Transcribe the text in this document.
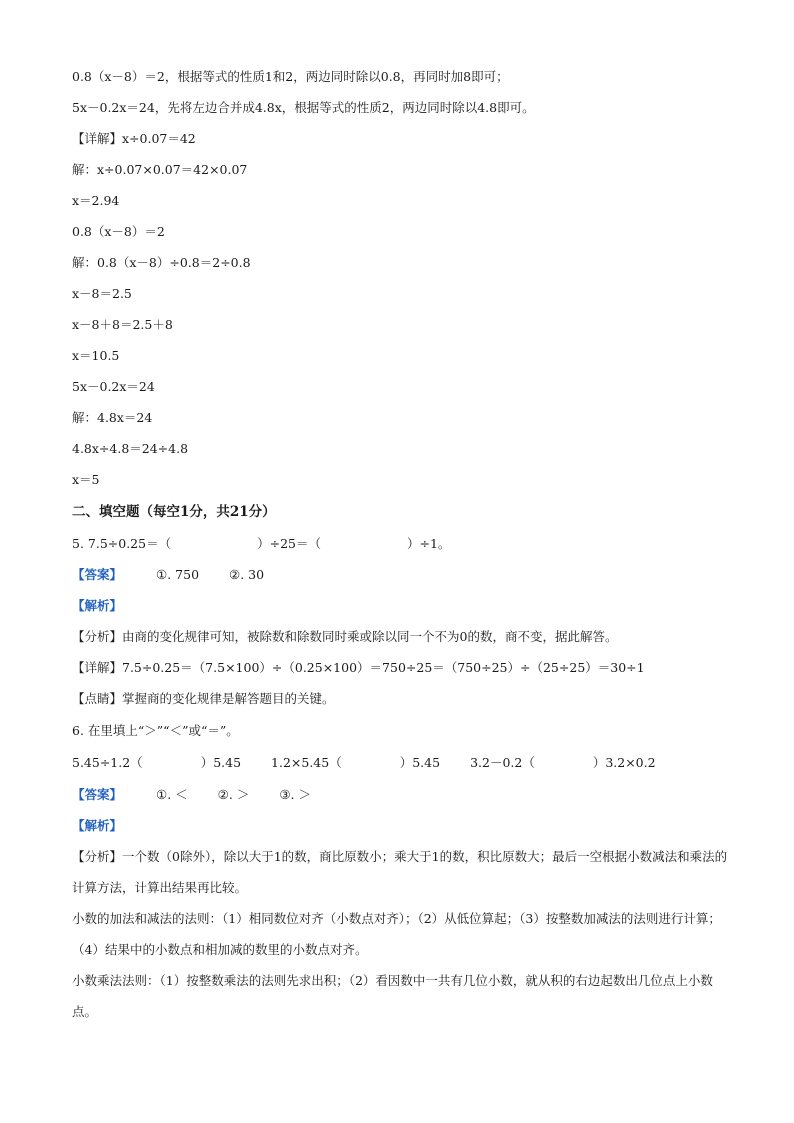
0.8（x－8）＝2，根据等式的性质1和2，两边同时除以0.8，再同时加8即可；
5x－0.2x＝24，先将左边合并成4.8x，根据等式的性质2，两边同时除以4.8即可。
【详解】x÷0.07＝42
解：x÷0.07×0.07＝42×0.07
x＝2.94
0.8（x－8）＝2
解：0.8（x－8）÷0.8＝2÷0.8
x－8＝2.5
x－8＋8＝2.5＋8
x＝10.5
5x－0.2x＝24
解：4.8x＝24
4.8x÷4.8＝24÷4.8
x＝5
二、填空题（每空1分，共21分）
5. 7.5÷0.25＝（	）÷25＝（	）÷1。
【答案】	①. 750 ②. 30
【解析】
【分析】由商的变化规律可知，被除数和除数同时乘或除以同一个不为0的数，商不变，据此解答。
【详解】7.5÷0.25＝（7.5×100）÷（0.25×100）＝750÷25＝（750÷25）÷（25÷25）＝30÷1
【点睛】掌握商的变化规律是解答题目的关键。
6. 在里填上“＞”“＜”或“＝”。
5.45÷1.2（	）5.45 1.2×5.45（	）5.45 3.2－0.2（	）3.2×0.2
【答案】	①. ＜ ②. ＞ ③. ＞
【解析】
【分析】一个数（0除外），除以大于1的数，商比原数小；乘大于1的数，积比原数大；最后一空根据小数减法和乘法的计算方法，计算出结果再比较。
小数的加法和减法的法则：（1）相同数位对齐（小数点对齐）；（2）从低位算起；（3）按整数加减法的法则进行计算；（4）结果中的小数点和相加减的数里的小数点对齐。
小数乘法法则：（1）按整数乘法的法则先求出积；（2）看因数中一共有几位小数，就从积的右边起数出几位点上小数点。
